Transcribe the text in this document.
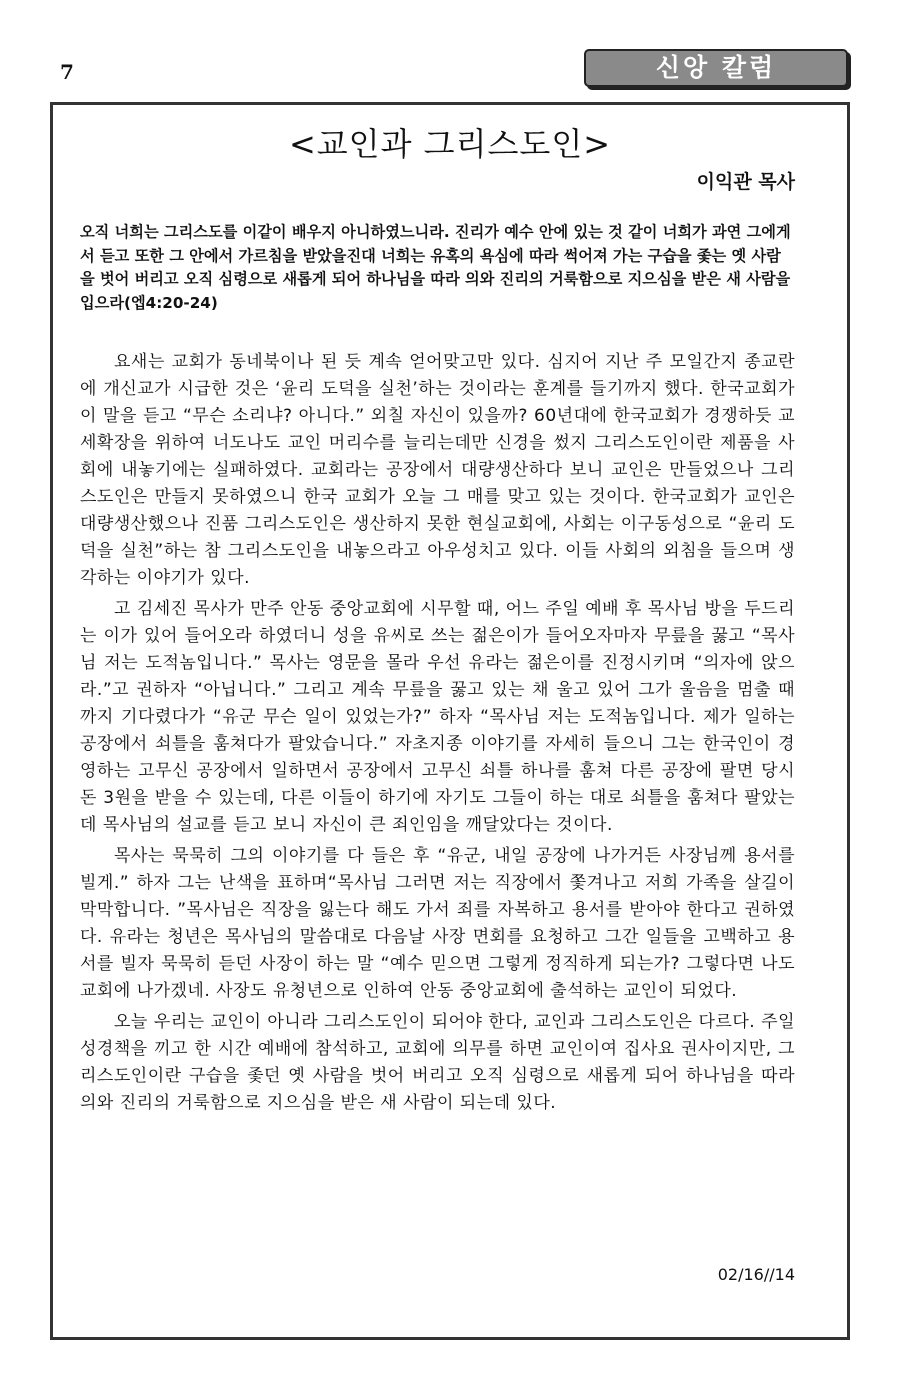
7	신앙 칼럼
<교인과 그리스도인>
이익관 목사
오직 너희는 그리스도를 이같이 배우지 아니하였느니라. 진리가 예수 안에 있는 것 같이 너희가 과연 그에게서 듣고 또한 그 안에서 가르침을 받았을진대 너희는 유혹의 욕심에 따라 썩어져 가는 구습을 좇는 옛 사람을 벗어 버리고 오직 심령으로 새롭게 되어 하나님을 따라 의와 진리의 거룩함으로 지으심을 받은 새 사람을 입으라(엡4:20-24)

요새는 교회가 동네북이나 된 듯 계속 얻어맞고만 있다. 심지어 지난 주 모일간지 종교란에 개신교가 시급한 것은 ‘윤리 도덕을 실천’하는 것이라는 훈계를 들기까지 했다. 한국교회가 이 말을 듣고 “무슨 소리냐? 아니다.” 외칠 자신이 있을까? 60년대에 한국교회가 경쟁하듯 교세확장을 위하여 너도나도 교인 머리수를 늘리는데만 신경을 썼지 그리스도인이란 제품을 사회에 내놓기에는 실패하였다. 교회라는 공장에서 대량생산하다 보니 교인은 만들었으나 그리스도인은 만들지 못하였으니 한국 교회가 오늘 그 매를 맞고 있는 것이다. 한국교회가 교인은 대량생산했으나 진품 그리스도인은 생산하지 못한 현실교회에, 사회는 이구동성으로 “윤리 도덕을 실천”하는 참 그리스도인을 내놓으라고 아우성치고 있다. 이들 사회의 외침을 들으며 생각하는 이야기가 있다.

고 김세진 목사가 만주 안동 중앙교회에 시무할 때, 어느 주일 예배 후 목사님 방을 두드리는 이가 있어 들어오라 하였더니 성을 유씨로 쓰는 젊은이가 들어오자마자 무릎을 꿇고 “목사님 저는 도적놈입니다.” 목사는 영문을 몰라 우선 유라는 젊은이를 진정시키며 “의자에 앉으라.”고 권하자 “아닙니다.” 그리고 계속 무릎을 꿇고 있는 채 울고 있어 그가 울음을 멈출 때 까지 기다렸다가 “유군 무슨 일이 있었는가?” 하자 “목사님 저는 도적놈입니다. 제가 일하는 공장에서 쇠틀을 훔쳐다가 팔았습니다.” 자초지종 이야기를 자세히 들으니 그는 한국인이 경영하는 고무신 공장에서 일하면서 공장에서 고무신 쇠틀 하나를 훔쳐 다른 공장에 팔면 당시 돈 3원을 받을 수 있는데, 다른 이들이 하기에 자기도 그들이 하는 대로 쇠틀을 훔쳐다 팔았는데 목사님의 설교를 듣고 보니 자신이 큰 죄인임을 깨달았다는 것이다.

목사는 묵묵히 그의 이야기를 다 들은 후 “유군, 내일 공장에 나가거든 사장님께 용서를 빌게.” 하자 그는 난색을 표하며“목사님 그러면 저는 직장에서 쫓겨나고 저희 가족을 살길이 막막합니다. ”목사님은 직장을 잃는다 해도 가서 죄를 자복하고 용서를 받아야 한다고 권하였다. 유라는 청년은 목사님의 말씀대로 다음날 사장 면회를 요청하고 그간 일들을 고백하고 용서를 빌자 묵묵히 듣던 사장이 하는 말 “예수 믿으면 그렇게 정직하게 되는가? 그렇다면 나도 교회에 나가겠네. 사장도 유청년으로 인하여 안동 중앙교회에 출석하는 교인이 되었다.

오늘 우리는 교인이 아니라 그리스도인이 되어야 한다, 교인과 그리스도인은 다르다. 주일 성경책을 끼고 한 시간 예배에 참석하고, 교회에 의무를 하면 교인이여 집사요 권사이지만, 그리스도인이란 구습을 좇던 옛 사람을 벗어 버리고 오직 심령으로 새롭게 되어 하나님을 따라 의와 진리의 거룩함으로 지으심을 받은 새 사람이 되는데 있다.

02/16//14
